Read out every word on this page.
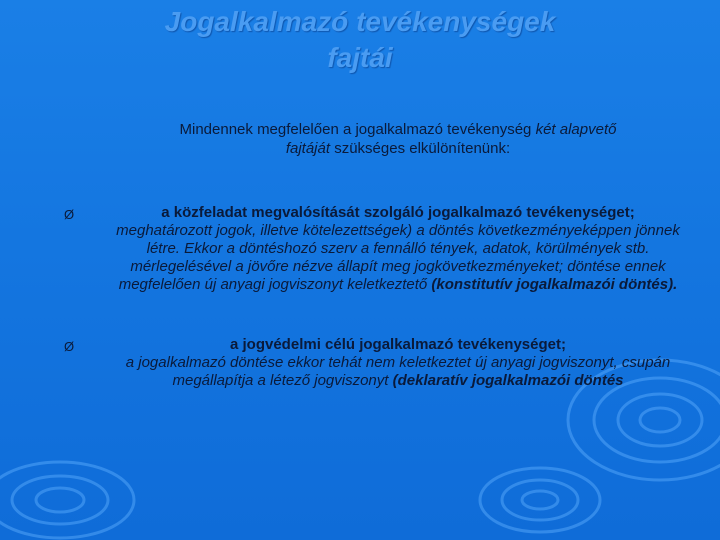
Jogalkalmazó tevékenységek
fajtái
Mindennek megfelelően a jogalkalmazó tevékenység két alapvető
fajtáját szükséges elkülönítenünk:
Ø	a közfeladat megvalósítását szolgáló jogalkalmazó tevékenységet;
meghatározott jogok, illetve kötelezettségek) a döntés következményeképpen jönnek létre. Ekkor a döntéshozó szerv a fennálló tények, adatok, körülmények stb. mérlegelésével a jövőre nézve állapít meg jogkövetkezményeket; döntése ennek megfelelően új anyagi jogviszonyt keletkeztető (konstitutív jogalkalmazói döntés).
Ø	a jogvédelmi célú jogalkalmazó tevékenységet;
a jogalkalmazó döntése ekkor tehát nem keletkeztet új anyagi jogviszonyt, csupán megállapítja a létező jogviszonyt (deklaratív jogalkalmazói döntés
